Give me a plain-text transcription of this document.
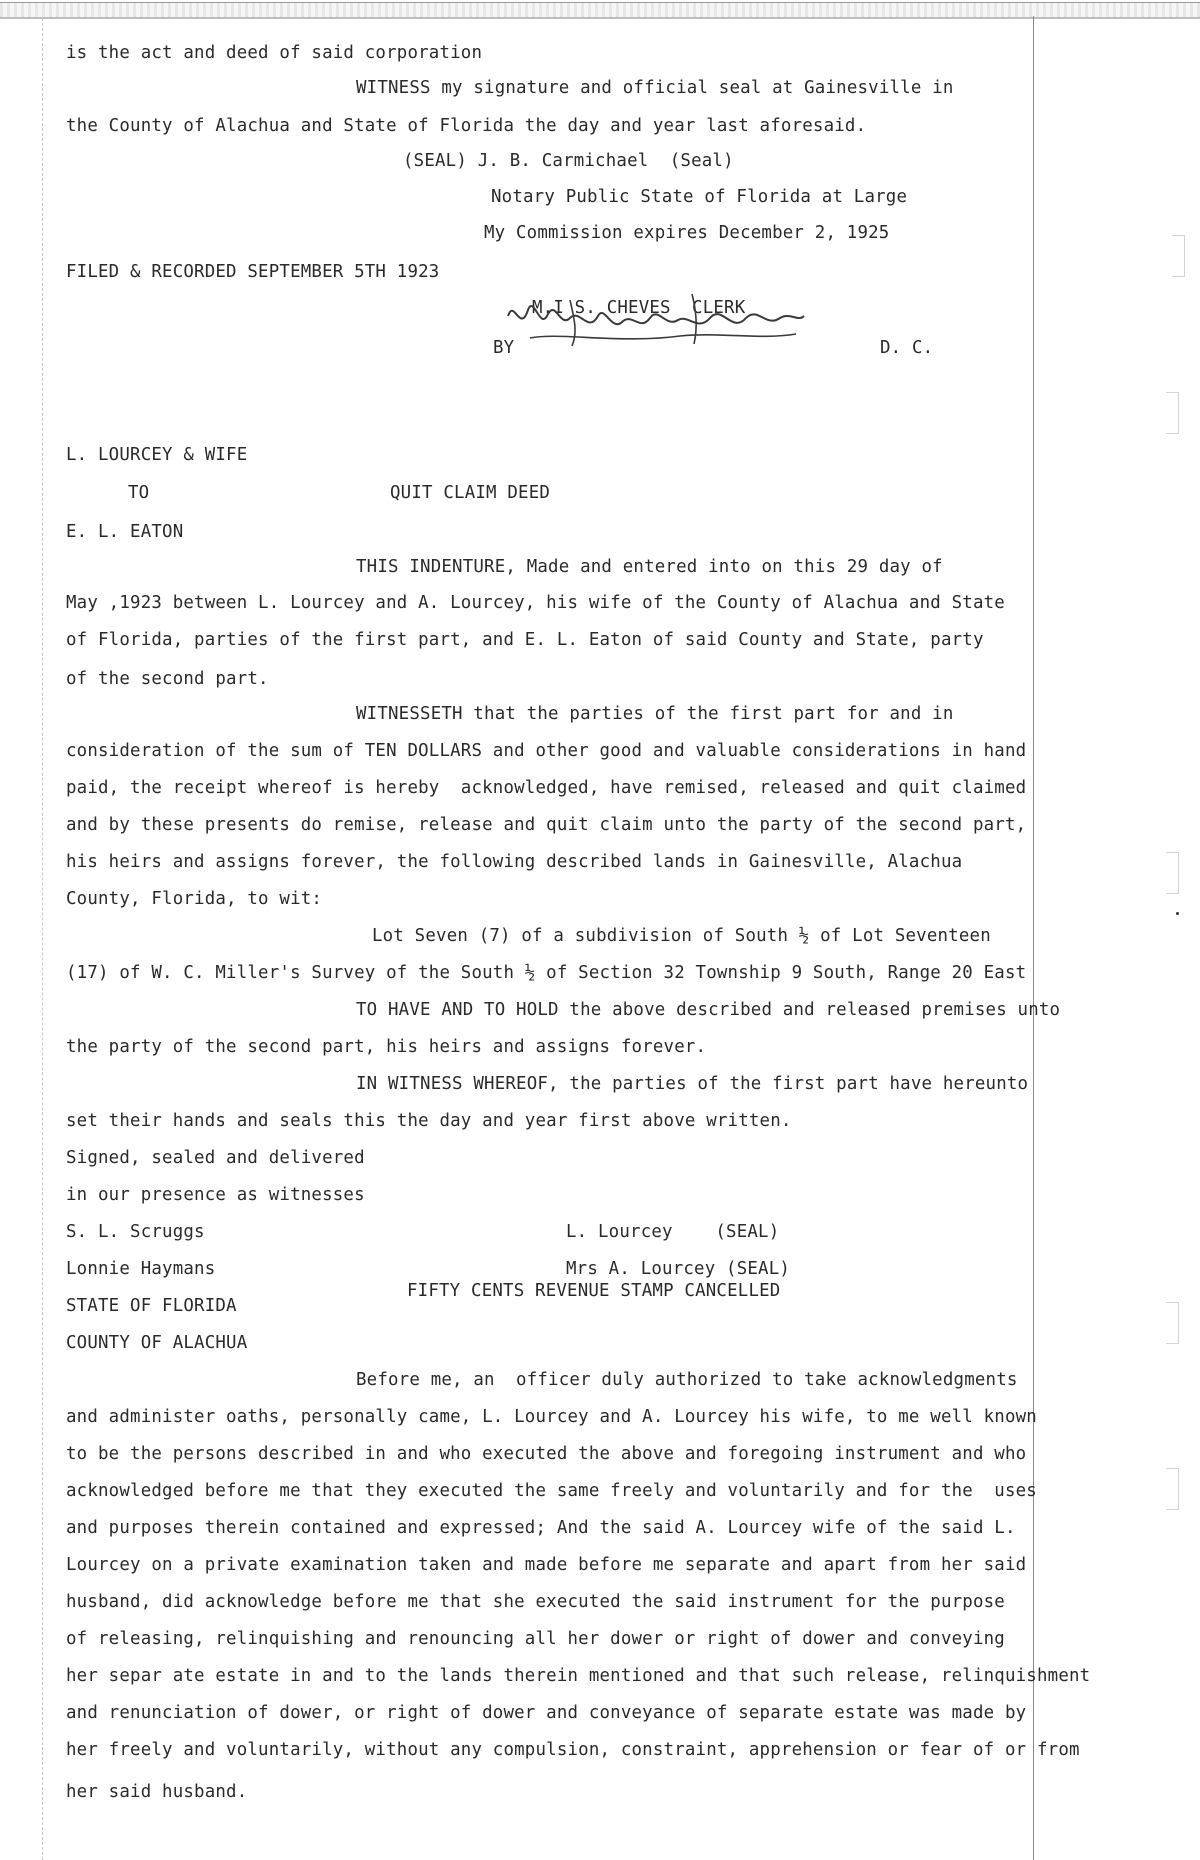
is the act and deed of said corporation
WITNESS my signature and official seal at Gainesville in
the County of Alachua and State of Florida the day and year last aforesaid.
(SEAL) J. B. Carmichael  (Seal)
Notary Public State of Florida at Large
My Commission expires December 2, 1925
FILED & RECORDED SEPTEMBER 5TH 1923
M.I S. CHEVES  CLERK
BY	D. C.
L. LOURCEY & WIFE
TO	QUIT CLAIM DEED
E. L. EATON
THIS INDENTURE, Made and entered into on this 29 day of
May ,1923 between L. Lourcey and A. Lourcey, his wife of the County of Alachua and State
of Florida, parties of the first part, and E. L. Eaton of said County and State, party
of the second part.
WITNESSETH that the parties of the first part for and in
consideration of the sum of TEN DOLLARS and other good and valuable considerations in hand
paid, the receipt whereof is hereby  acknowledged, have remised, released and quit claimed
and by these presents do remise, release and quit claim unto the party of the second part,
his heirs and assigns forever, the following described lands in Gainesville, Alachua
County, Florida, to wit:
Lot Seven (7) of a subdivision of South ½ of Lot Seventeen
(17) of W. C. Miller's Survey of the South ½ of Section 32 Township 9 South, Range 20 East
TO HAVE AND TO HOLD the above described and released premises unto
the party of the second part, his heirs and assigns forever.
IN WITNESS WHEREOF, the parties of the first part have hereunto
set their hands and seals this the day and year first above written.
Signed, sealed and delivered
in our presence as witnesses
S. L. Scruggs	L. Lourcey    (SEAL)
Lonnie Haymans	Mrs A. Lourcey (SEAL)
FIFTY CENTS REVENUE STAMP CANCELLED
STATE OF FLORIDA
COUNTY OF ALACHUA
Before me, an  officer duly authorized to take acknowledgments
and administer oaths, personally came, L. Lourcey and A. Lourcey his wife, to me well known
to be the persons described in and who executed the above and foregoing instrument and who
acknowledged before me that they executed the same freely and voluntarily and for the  uses
and purposes therein contained and expressed; And the said A. Lourcey wife of the said L.
Lourcey on a private examination taken and made before me separate and apart from her said
husband, did acknowledge before me that she executed the said instrument for the purpose
of releasing, relinquishing and renouncing all her dower or right of dower and conveying
her separ ate estate in and to the lands therein mentioned and that such release, relinquishment
and renunciation of dower, or right of dower and conveyance of separate estate was made by
her freely and voluntarily, without any compulsion, constraint, apprehension or fear of or from
her said husband.
